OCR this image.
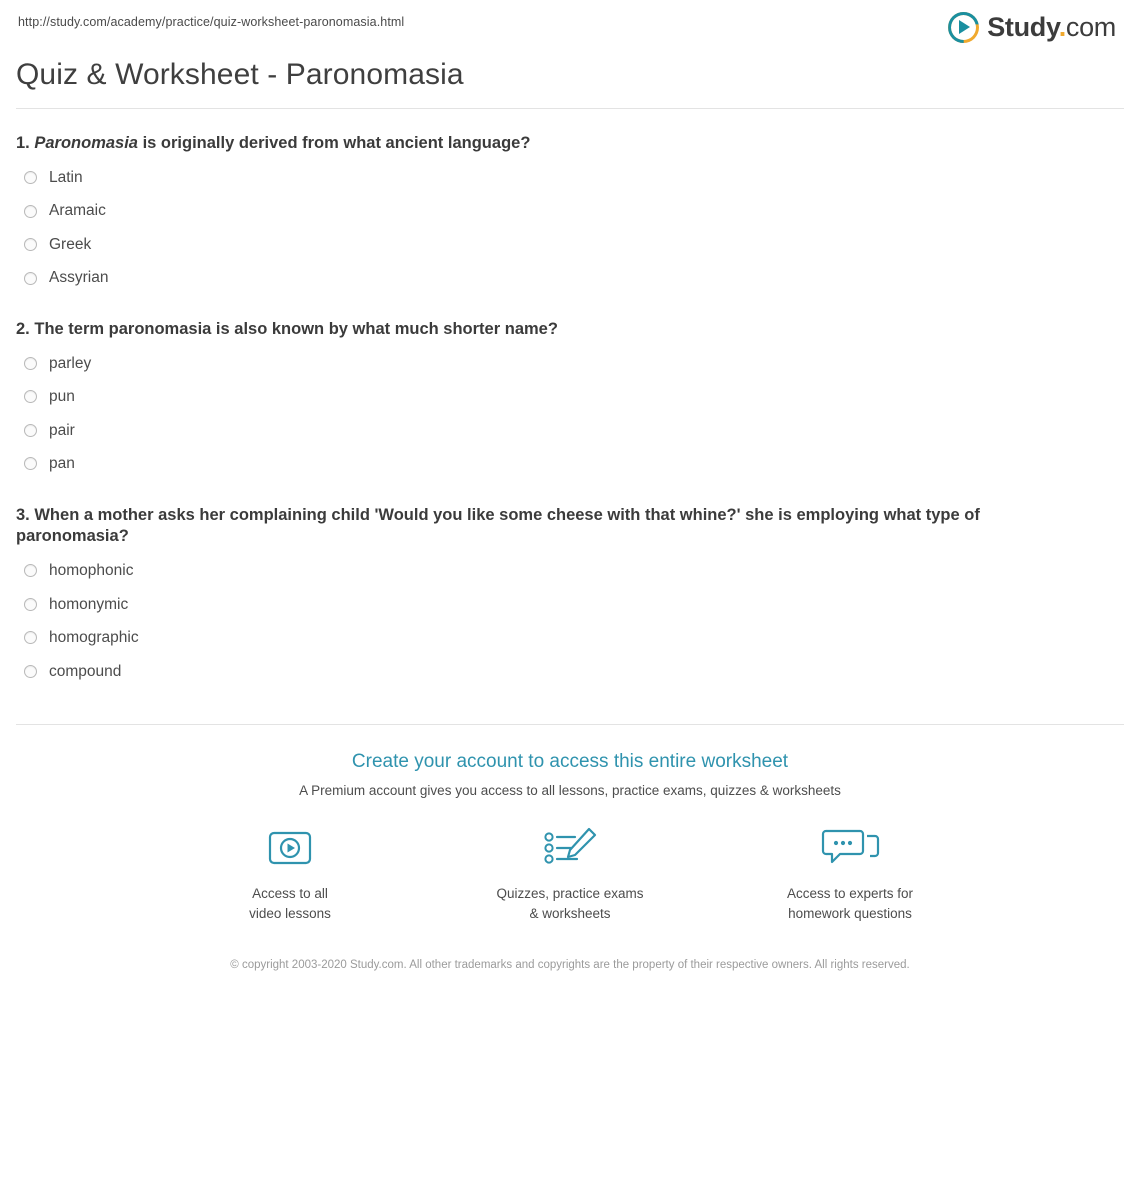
http://study.com/academy/practice/quiz-worksheet-paronomasia.html	Study.com
Quiz & Worksheet - Paronomasia

1. Paronomasia is originally derived from what ancient language?

Latin
Aramaic
Greek
Assyrian

2. The term paronomasia is also known by what much shorter name?

parley
pun
pair
pan

3. When a mother asks her complaining child 'Would you like some cheese with that whine?' she is employing what type of paronomasia?

homophonic
homonymic
homographic
compound
Create your account to access this entire worksheet
A Premium account gives you access to all lessons, practice exams, quizzes & worksheets
Access to all
video lessons
Quizzes, practice exams
& worksheets
Access to experts for
homework questions
© copyright 2003-2020 Study.com. All other trademarks and copyrights are the property of their respective owners. All rights reserved.
